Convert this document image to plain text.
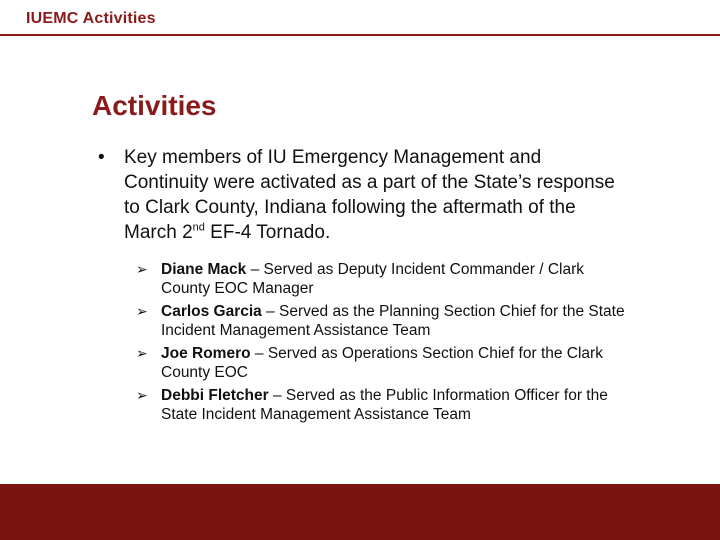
IUEMC Activities
Activities
•	Key members of IU Emergency Management and Continuity were activated as a part of the State’s response to Clark County, Indiana following the aftermath of the March 2nd EF-4 Tornado.
➢ Diane Mack – Served as Deputy Incident Commander / Clark County EOC Manager
➢ Carlos Garcia – Served as the Planning Section Chief for the State Incident Management Assistance Team
➢ Joe Romero – Served as Operations Section Chief for the Clark County EOC
➢ Debbi Fletcher – Served as the Public Information Officer for the State Incident Management Assistance Team
